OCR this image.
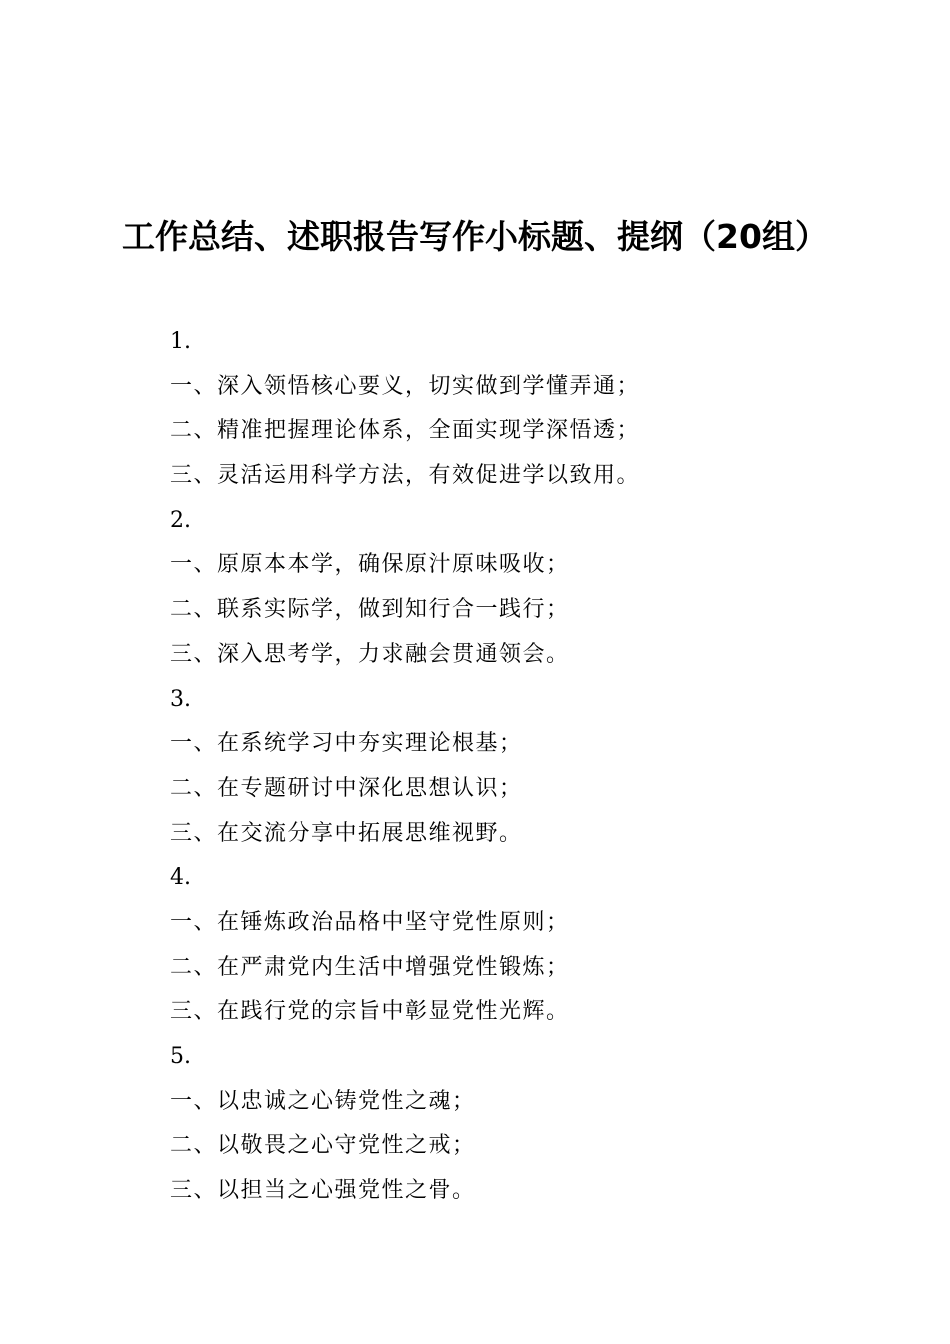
工作总结、述职报告写作小标题、提纲（20组）
1.
一、深入领悟核心要义，切实做到学懂弄通；
二、精准把握理论体系，全面实现学深悟透；
三、灵活运用科学方法，有效促进学以致用。
2.
一、原原本本学，确保原汁原味吸收；
二、联系实际学，做到知行合一践行；
三、深入思考学，力求融会贯通领会。
3.
一、在系统学习中夯实理论根基；
二、在专题研讨中深化思想认识；
三、在交流分享中拓展思维视野。
4.
一、在锤炼政治品格中坚守党性原则；
二、在严肃党内生活中增强党性锻炼；
三、在践行党的宗旨中彰显党性光辉。
5.
一、以忠诚之心铸党性之魂；
二、以敬畏之心守党性之戒；
三、以担当之心强党性之骨。
